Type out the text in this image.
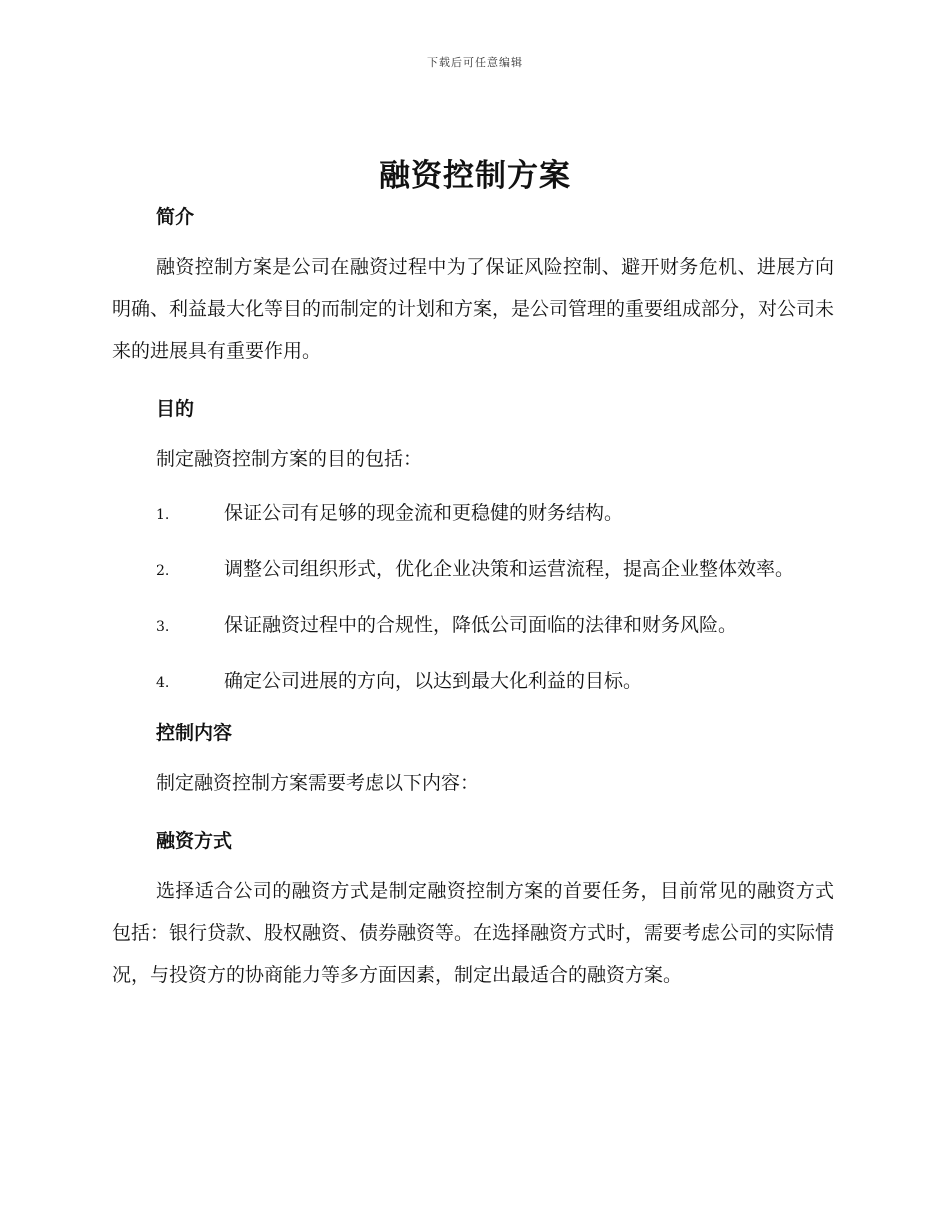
下载后可任意编辑
融资控制方案
简介
融资控制方案是公司在融资过程中为了保证风险控制、避开财务危机、进展方向明确、利益最大化等目的而制定的计划和方案，是公司管理的重要组成部分，对公司未来的进展具有重要作用。
目的
制定融资控制方案的目的包括：
1.	保证公司有足够的现金流和更稳健的财务结构。
2.	调整公司组织形式，优化企业决策和运营流程，提高企业整体效率。
3.	保证融资过程中的合规性，降低公司面临的法律和财务风险。
4.	确定公司进展的方向，以达到最大化利益的目标。
控制内容
制定融资控制方案需要考虑以下内容：
融资方式
选择适合公司的融资方式是制定融资控制方案的首要任务，目前常见的融资方式包括：银行贷款、股权融资、债券融资等。在选择融资方式时，需要考虑公司的实际情况，与投资方的协商能力等多方面因素，制定出最适合的融资方案。
